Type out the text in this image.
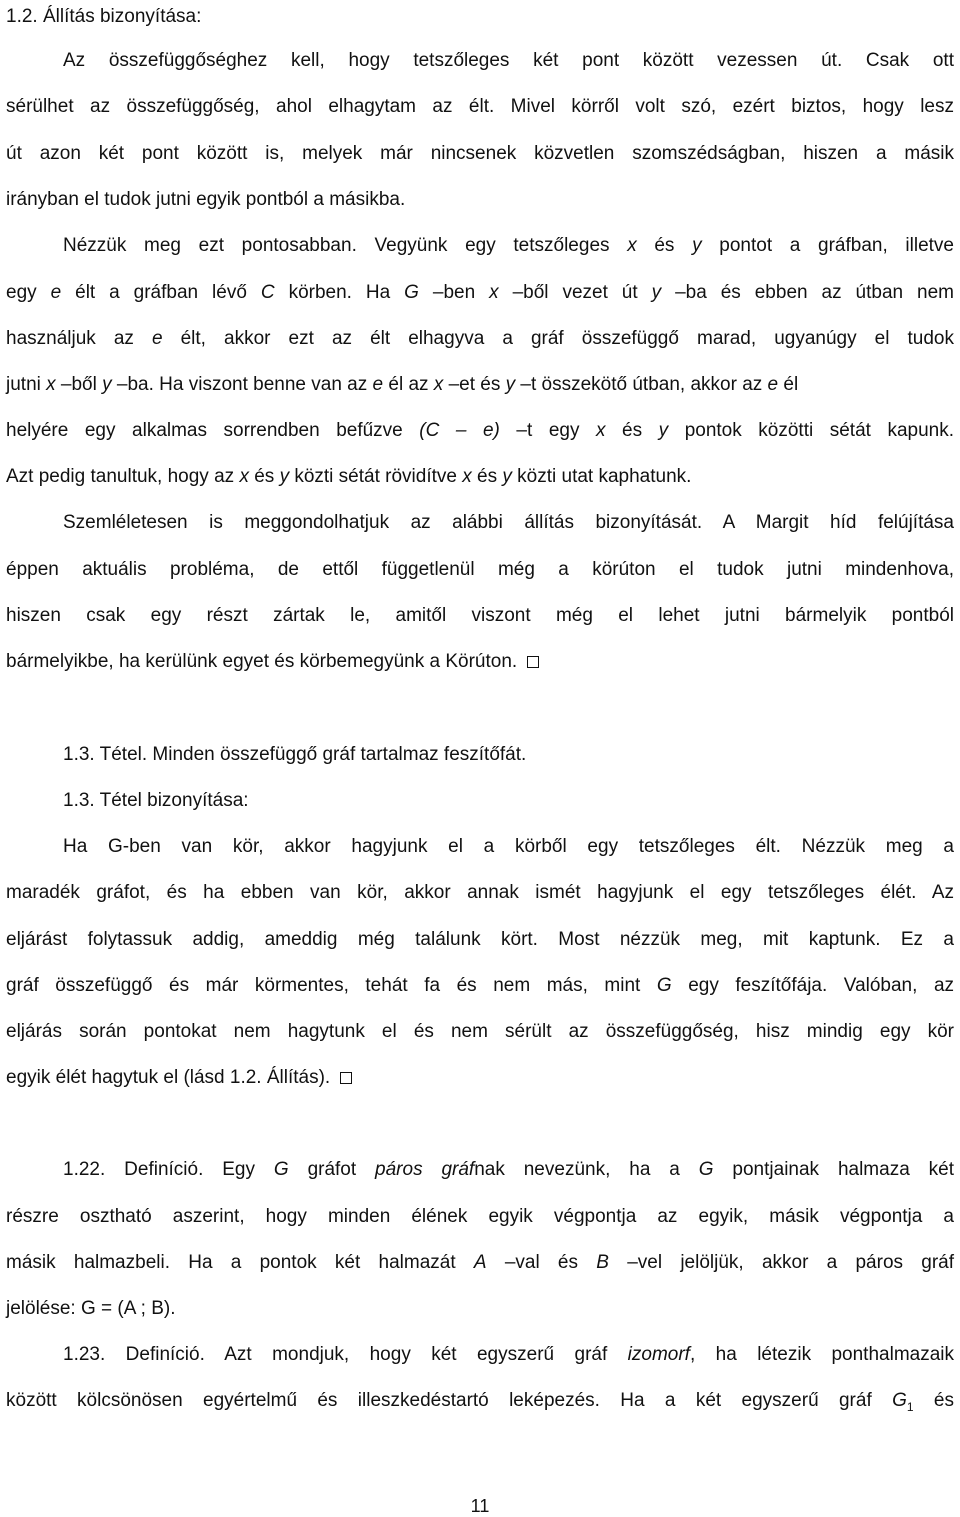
1.2. Állítás bizonyítása:
Az összefüggőséghez kell, hogy tetszőleges két pont között vezessen út. Csak ott
sérülhet az összefüggőség, ahol elhagytam az élt. Mivel körről volt szó, ezért biztos, hogy lesz
út azon két pont között is, melyek már nincsenek közvetlen szomszédságban, hiszen a másik
irányban el tudok jutni egyik pontból a másikba.
Nézzük meg ezt pontosabban. Vegyünk egy tetszőleges x és y pontot a gráfban, illetve
egy e élt a gráfban lévő C körben. Ha G –ben x –ből vezet út y –ba és ebben az útban nem
használjuk az e élt, akkor ezt az élt elhagyva a gráf összefüggő marad, ugyanúgy el tudok
jutni x –ből y –ba. Ha viszont benne van az e él az x –et és y –t összekötő útban, akkor az e él
helyére egy alkalmas sorrendben befűzve (C – e) –t egy x és y pontok közötti sétát kapunk.
Azt pedig tanultuk, hogy az x és y közti sétát rövidítve x és y közti utat kaphatunk.
Szemléletesen is meggondolhatjuk az alábbi állítás bizonyítását. A Margit híd felújítása
éppen aktuális probléma, de ettől függetlenül még a körúton el tudok jutni mindenhova,
hiszen csak egy részt zártak le, amitől viszont még el lehet jutni bármelyik pontból
bármelyikbe, ha kerülünk egyet és körbemegyünk a Körúton.
1.3. Tétel. Minden összefüggő gráf tartalmaz feszítőfát.
1.3. Tétel bizonyítása:
Ha G-ben van kör, akkor hagyjunk el a körből egy tetszőleges élt. Nézzük meg a
maradék gráfot, és ha ebben van kör, akkor annak ismét hagyjunk el egy tetszőleges élét. Az
eljárást folytassuk addig, ameddig még találunk kört. Most nézzük meg, mit kaptunk. Ez a
gráf összefüggő és már körmentes, tehát fa és nem más, mint G egy feszítőfája. Valóban, az
eljárás során pontokat nem hagytunk el és nem sérült az összefüggőség, hisz mindig egy kör
egyik élét hagytuk el (lásd 1.2. Állítás).
1.22. Definíció. Egy G gráfot páros gráfnak nevezünk, ha a G pontjainak halmaza két
részre osztható aszerint, hogy minden élének egyik végpontja az egyik, másik végpontja a
másik halmazbeli. Ha a pontok két halmazát A –val és B –vel jelöljük, akkor a páros gráf
jelölése: G = (A ; B).
1.23. Definíció. Azt mondjuk, hogy két egyszerű gráf izomorf, ha létezik ponthalmazaik
között kölcsönösen egyértelmű és illeszkedéstartó leképezés. Ha a két egyszerű gráf $G_1$ és
11
